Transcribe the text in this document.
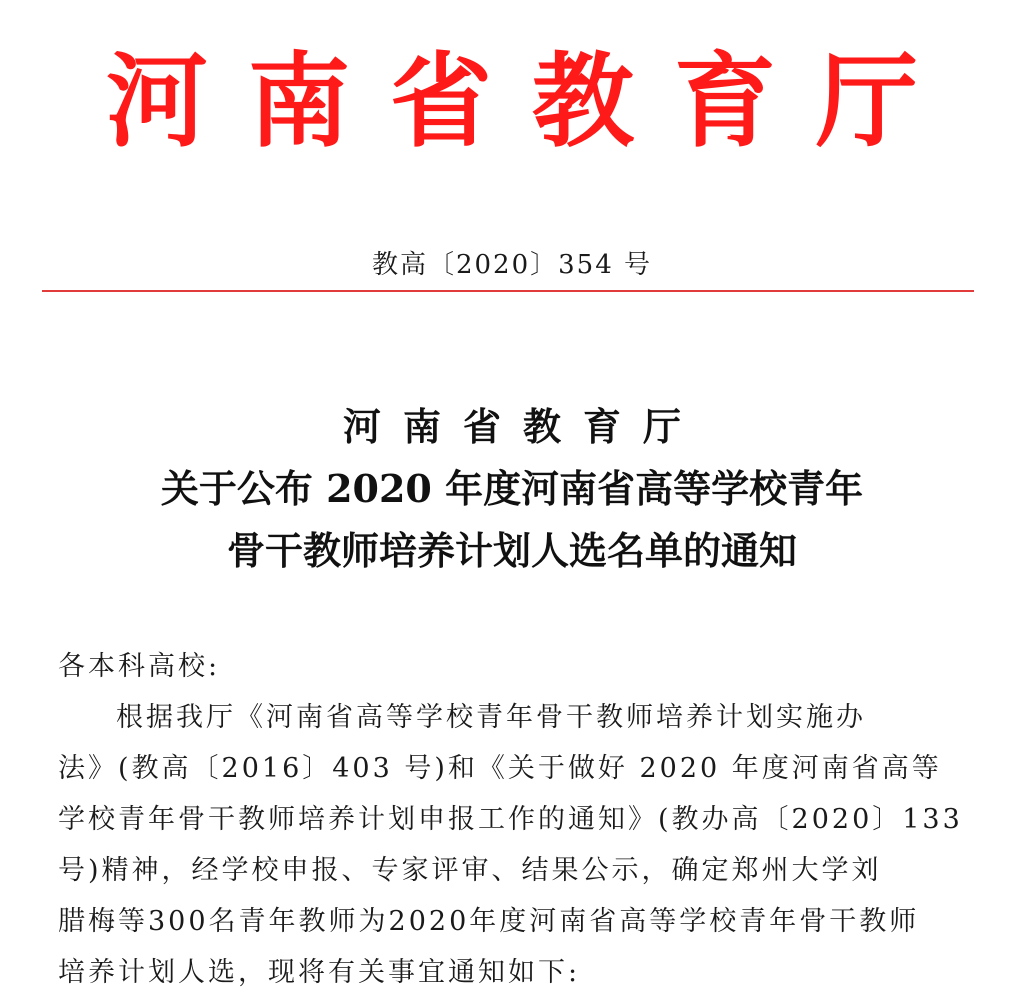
河南省教育厅
教高〔2020〕354 号
河南省教育厅
关于公布 2020 年度河南省高等学校青年
骨干教师培养计划人选名单的通知
各本科高校:
根据我厅《河南省高等学校青年骨干教师培养计划实施办
法》(教高〔2016〕403 号)和《关于做好 2020 年度河南省高等
学校青年骨干教师培养计划申报工作的通知》(教办高〔2020〕133
号)精神，经学校申报、专家评审、结果公示，确定郑州大学刘
腊梅等300名青年教师为2020年度河南省高等学校青年骨干教师
培养计划人选，现将有关事宜通知如下:
